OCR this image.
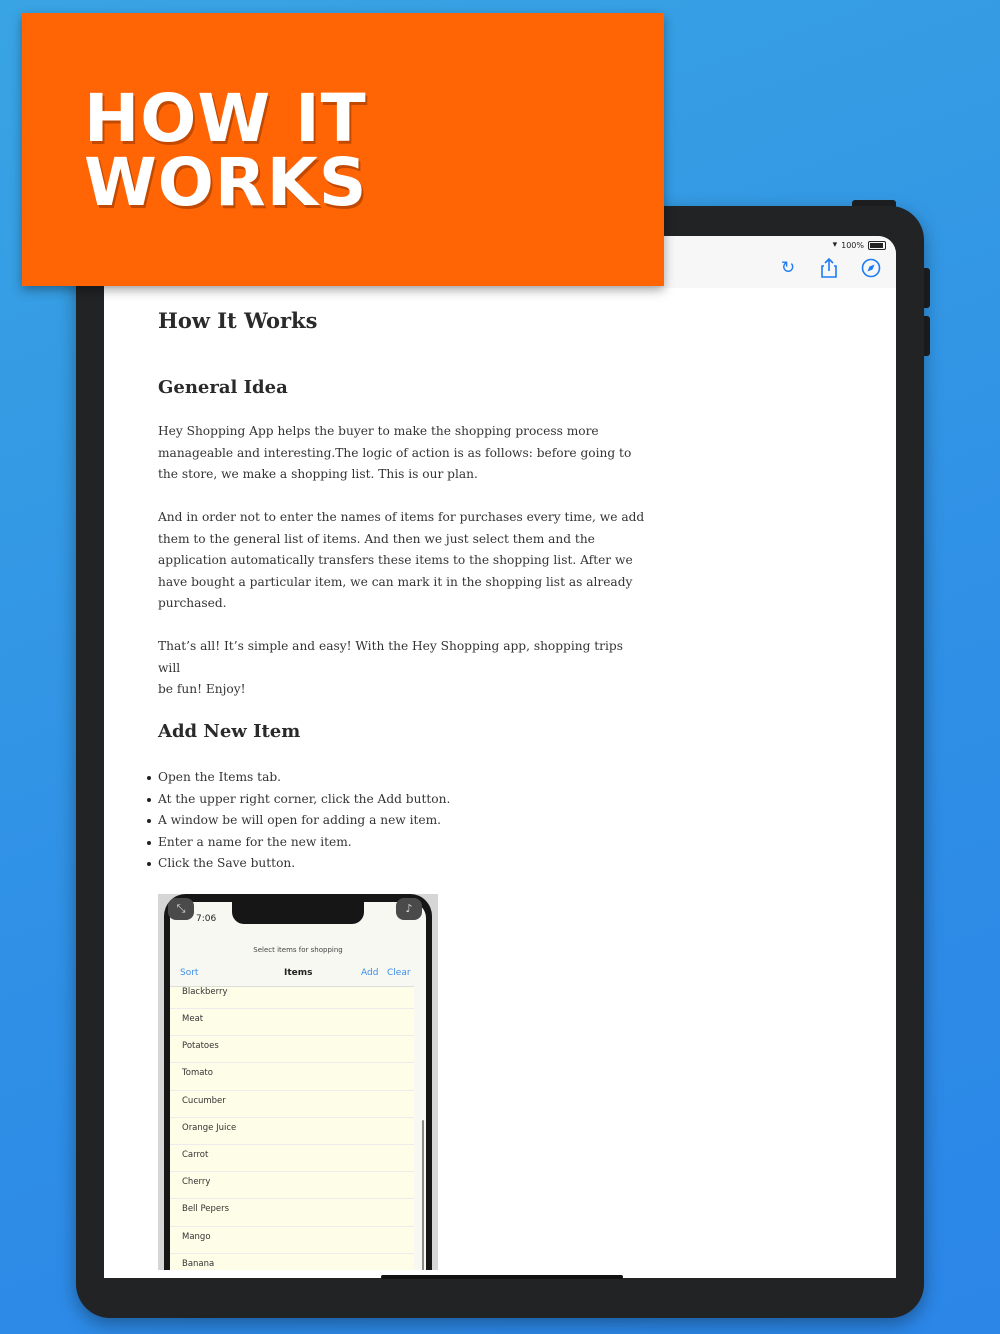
▾ 100%
↻
How It Works
General Idea
Hey Shopping App helps the buyer to make the shopping process more
manageable and interesting.The logic of action is as follows: before going to
the store, we make a shopping list. This is our plan.
And in order not to enter the names of items for purchases every time, we add
them to the general list of items. And then we just select them and the
application automatically transfers these items to the shopping list. After we
have bought a particular item, we can mark it in the shopping list as already
purchased.
That’s all! It’s simple and easy! With the Hey Shopping app, shopping trips will
be fun! Enjoy!
Add New Item
Open the Items tab.
At the upper right corner, click the Add button.
A window be will open for adding a new item.
Enter a name for the new item.
Click the Save button.
7:06
Select items for shopping
Sort	Items	Add Clear
Blackberry
Meat
Potatoes
Tomato
Cucumber
Orange Juice
Carrot
Cherry
Bell Pepers
Mango
Banana
⤡	♪
HOW IT
WORKS
